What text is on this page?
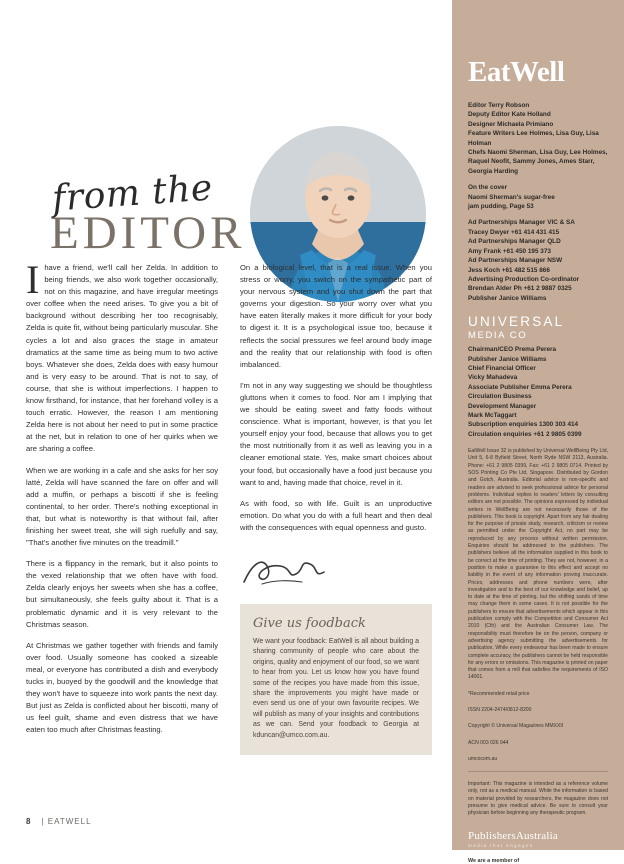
from the
EDITOR

Ihave a friend, we'll call her Zelda. In addition to being friends, we also work together occasionally, not on this magazine, and have irregular meetings over coffee when the need arises. To give you a bit of background without describing her too recognisably, Zelda is quite fit, without being particularly muscular. She cycles a lot and also graces the stage in amateur dramatics at the same time as being mum to two active boys. Whatever she does, Zelda does with easy humour and is very easy to be around. That is not to say, of course, that she is without imperfections. I happen to know firsthand, for instance, that her forehand volley is a touch erratic. However, the reason I am mentioning Zelda here is not about her need to put in some practice at the net, but in relation to one of her quirks when we are sharing a coffee.

When we are working in a cafe and she asks for her soy latté, Zelda will have scanned the fare on offer and will add a muffin, or perhaps a biscotti if she is feeling continental, to her order. There's nothing exceptional in that, but what is noteworthy is that without fail, after finishing her sweet treat, she will sigh ruefully and say, "That's another five minutes on the treadmill."

There is a flippancy in the remark, but it also points to the vexed relationship that we often have with food. Zelda clearly enjoys her sweets when she has a coffee, but simultaneously, she feels guilty about it. That is a problematic dynamic and it is very relevant to the Christmas season.

At Christmas we gather together with friends and family over food. Usually someone has cooked a sizeable meal, or everyone has contributed a dish and everybody tucks in, buoyed by the goodwill and the knowledge that they won't have to squeeze into work pants the next day. But just as Zelda is conflicted about her biscotti, many of us feel guilt, shame and even distress that we have eaten too much after Christmas feasting.

On a biological level, that is a real issue. When you stress or worry, you switch on the sympathetic part of your nervous system and you shut down the part that governs your digestion. So your worry over what you have eaten literally makes it more difficult for your body to digest it. It is a psychological issue too, because it reflects the social pressures we feel around body image and the reality that our relationship with food is often imbalanced.

I'm not in any way suggesting we should be thoughtless gluttons when it comes to food. Nor am I implying that we should be eating sweet and fatty foods without conscience. What is important, however, is that you let yourself enjoy your food, because that allows you to get the most nutritionally from it as well as leaving you in a cleaner emotional state. Yes, make smart choices about your food, but occasionally have a food just because you want to and, having made that choice, revel in it.

As with food, so with life. Guilt is an unproductive emotion. Do what you do with a full heart and then deal with the consequences with equal openness and gusto.

Give us foodback

We want your foodback: EatWell is all about building a sharing community of people who care about the origins, quality and enjoyment of our food, so we want to hear from you. Let us know how you have found some of the recipes you have made from this issue, share the improvements you might have made or even send us one of your own favourite recipes. We will publish as many of your insights and contributions as we can. Send your foodback to Georgia at kduncan@umco.com.au.

8 | EATWELL
EatWell
Editor Terry Robson
Deputy Editor Kate Holland
Designer Michaela Primiano
Feature Writers Lee Holmes, Lisa Guy, Lisa Holman
Chefs Naomi Sherman, Lisa Guy, Lee Holmes, Raquel Neofit, Sammy Jones, Ames Starr, Georgia Harding
On the cover
Naomi Sherman's sugar-free
jam pudding, Page 53
Ad Partnerships Manager VIC & SA
Tracey Dwyer +61 414 431 415
Ad Partnerships Manager QLD
Amy Frank +61 450 195 373
Ad Partnerships Manager NSW
Jess Koch +61 482 515 866
Advertising Production Co-ordinator
Brendan Alder Ph +61 2 9887 0325
Publisher Janice Williams
UNIVERSAL
MEDIA CO
Chairman/CEO Prema Perera
Publisher Janice Williams
Chief Financial Officer
Vicky Mahadeva
Associate Publisher Emma Perera
Circulation Business
Development Manager
Mark McTaggart
Subscription enquiries 1300 303 414
Circulation enquiries +61 2 9805 0399
EatWell Issue 32 is published by Universal WellBeing Pty Ltd, Unit 5, 6-8 Byfield Street, North Ryde NSW 2113, Australia. Phone: +61 2 9805 0399, Fax: +61 2 9805 0714. Printed by SOS Printing Co Pte Ltd, Singapore. Distributed by Gordon and Gotch, Australia. Editorial advice is non-specific and readers are advised to seek professional advice for personal problems. Individual replies to readers' letters by consulting editors are not possible. The opinions expressed by individual writers in WellBeing are not necessarily those of the publishers. This book is copyright. Apart from any fair dealing for the purpose of private study, research, criticism or review as permitted under the Copyright Act, no part may be reproduced by any process without written permission. Enquiries should be addressed to the publishers. The publishers believe all the information supplied in this book to be correct at the time of printing. They are not, however, in a position to make a guarantee to this effect and accept no liability in the event of any information proving inaccurate. Prices, addresses and phone numbers were, after investigation and to the best of our knowledge and belief, up to date at the time of printing, but the shifting sands of time may change them in some cases. It is not possible for the publishers to ensure that advertisements which appear in this publication comply with the Competition and Consumer Act 2010 (Cth) and the Australian Consumer Law. The responsibility must therefore be on the person, company or advertising agency submitting the advertisements for publication. While every endeavour has been made to ensure complete accuracy, the publishers cannot be held responsible for any errors or omissions. This magazine is printed on paper that comes from a mill that satisfies the requirements of ISO 14001.
*Recommended retail price
ISSN 2204-2474/0812-8200
Copyright © Universal Magazines MMXXII
ACN 003 026 944
umcocom.au
Important: This magazine is intended as a reference volume only, not as a medical manual. While the information is based on material provided by researchers, the magazine does not presume to give medical advice. Be sure to consult your physician before beginning any therapeutic program.
PublishersAustralia
media that engages
We are a member of
